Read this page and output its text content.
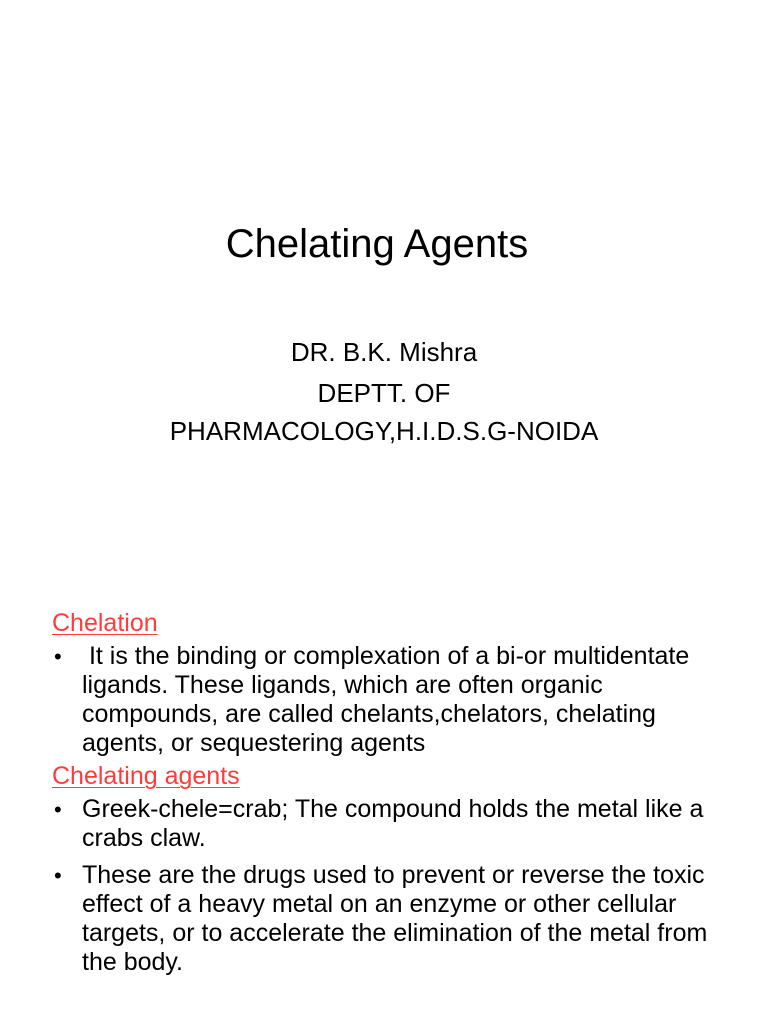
Chelating Agents
DR. B.K. Mishra
DEPTT. OF
PHARMACOLOGY,H.I.D.S.G-NOIDA
Chelation
• It is the binding or complexation of a bi-or multidentate ligands. These ligands, which are often organic compounds, are called chelants,chelators, chelating agents, or sequestering agents
Chelating agents
• Greek-chele=crab; The compound holds the metal like a crabs claw.
• These are the drugs used to prevent or reverse the toxic effect of a heavy metal on an enzyme or other cellular targets, or to accelerate the elimination of the metal from the body.
